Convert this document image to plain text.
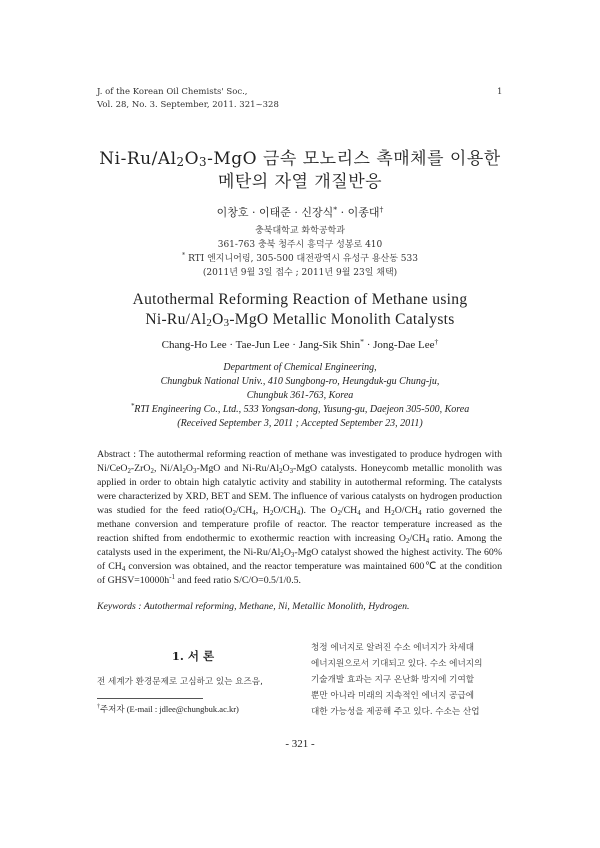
J. of the Korean Oil Chemists' Soc.,
Vol. 28, No. 3. September, 2011. 321~328
1
$Ni-Ru/Al_2O_3$-MgO 금속 모노리스 촉매체를 이용한
메탄의 자열 개질반응
이창호 · 이태준 · 신장식* · 이종대†
충북대학교 화학공학과
361-763 충북 청주시 흥덕구 성봉로 410
* RTI 엔지니어링, 305-500 대전광역시 유성구 용산동 533
(2011년 9월 3일 접수 ; 2011년 9월 23일 채택)
Autothermal Reforming Reaction of Methane using
$Ni-Ru/Al_2O_3$-MgO Metallic Monolith Catalysts
Chang-Ho Lee · Tae-Jun Lee · Jang-Sik Shin* · Jong-Dae Lee†
Department of Chemical Engineering,
Chungbuk National Univ., 410 Sungbong-ro, Heungduk-gu Chung-ju,
Chungbuk 361-763, Korea
*RTI Engineering Co., Ltd., 533 Yongsan-dong, Yusung-gu, Daejeon 305-500, Korea
(Received September 3, 2011 ; Accepted September 23, 2011)
Abstract : The autothermal reforming reaction of methane was investigated to produce hydrogen with Ni/CeO$_2$-ZrO$_2$, $Ni/Al_2O_3$-MgO and $Ni-Ru/Al_2O_3$-MgO catalysts. Honeycomb metallic monolith was applied in order to obtain high catalytic activity and stability in autothermal reforming. The catalysts were characterized by XRD, BET and SEM. The influence of various catalysts on hydrogen production was studied for the feed $ratio(O_2/CH_4$, $H_2O/CH_4$). The $O_2/CH_4$ and $H_2O/CH_4$ ratio governed the methane conversion and temperature profile of reactor. The reactor temperature increased as the reaction shifted from endothermic to exothermic reaction with increasing $O_2/CH_4$ ratio. Among the catalysts used in the experiment, the $Ni-Ru/Al_2O_3$-MgO catalyst showed the highest activity. The 60% of $CH_4$ conversion was obtained, and the reactor temperature was maintained 600℃ at the condition of $GHSV=10000h^{-1}$ and feed ratio S/C/O=0.5/1/0.5.
Keywords : Autothermal reforming, Methane, Ni, Metallic Monolith, Hydrogen.
1. 서 론
전 세계가 환경문제로 고심하고 있는 요즈음,
†주저자 (E-mail : jdlee@chungbuk.ac.kr)
청정 에너지로 알려진 수소 에너지가 차세대
에너지원으로서 기대되고 있다. 수소 에너지의
기술개발 효과는 지구 온난화 방지에 기여할
뿐만 아니라 미래의 지속적인 에너지 공급에
대한 가능성을 제공해 주고 있다. 수소는 산업
- 321 -
